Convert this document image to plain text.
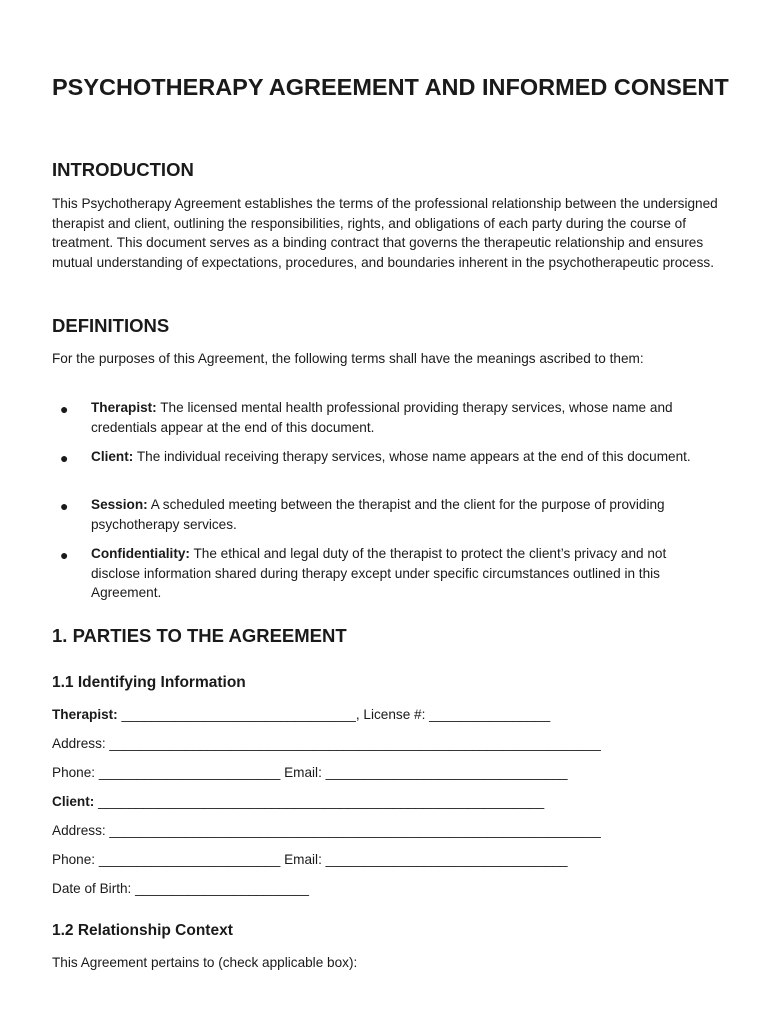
PSYCHOTHERAPY AGREEMENT AND INFORMED CONSENT
INTRODUCTION

This Psychotherapy Agreement establishes the terms of the professional relationship between the undersigned therapist and client, outlining the responsibilities, rights, and obligations of each party during the course of treatment. This document serves as a binding contract that governs the therapeutic relationship and ensures mutual understanding of expectations, procedures, and boundaries inherent in the psychotherapeutic process.

DEFINITIONS

For the purposes of this Agreement, the following terms shall have the meanings ascribed to them:

● Therapist: The licensed mental health professional providing therapy services, whose name and credentials appear at the end of this document.
● Client: The individual receiving therapy services, whose name appears at the end of this document.
● Session: A scheduled meeting between the therapist and the client for the purpose of providing psychotherapy services.
● Confidentiality: The ethical and legal duty of the therapist to protect the client’s privacy and not disclose information shared during therapy except under specific circumstances outlined in this Agreement.
1. PARTIES TO THE AGREEMENT
1.1 Identifying Information
Therapist: _______________________________, License #: ________________
Address: _________________________________________________________________
Phone: ________________________ Email: ________________________________
Client: ___________________________________________________________
Address: _________________________________________________________________
Phone: ________________________ Email: ________________________________
Date of Birth: _______________________
1.2 Relationship Context

This Agreement pertains to (check applicable box):
